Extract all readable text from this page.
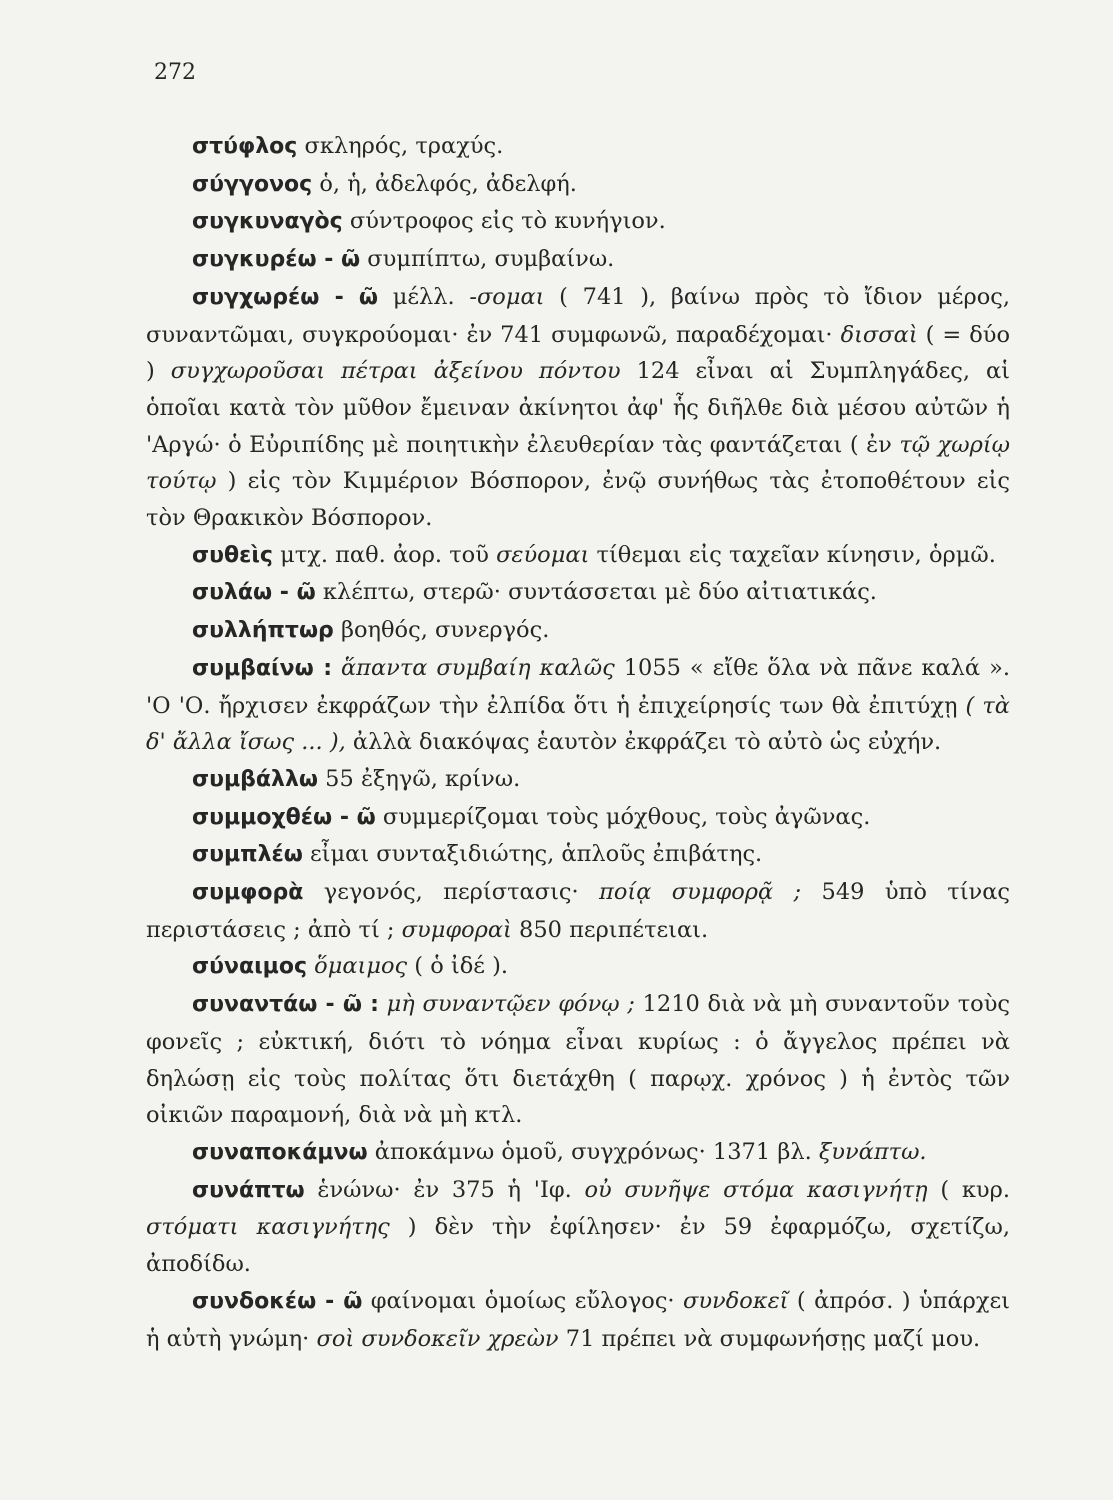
272
στύφλος σκληρός, τραχύς.
σύγγονος ὁ, ἡ, ἀδελφός, ἀδελφή.
συγκυναγὸς σύντροφος εἰς τὸ κυνήγιον.
συγκυρέω - ῶ συμπίπτω, συμβαίνω.
συγχωρέω - ῶ μέλλ. -σομαι ( 741 ), βαίνω πρὸς τὸ ἴδιον μέρος, συναντῶμαι, συγκρούομαι· ἐν 741 συμφωνῶ, παραδέχομαι· δισσαὶ ( = δύο ) συγχωροῦσαι πέτραι ἀξείνου πόντου 124 εἶναι αἱ Συμπληγάδες, αἱ ὁποῖαι κατὰ τὸν μῦθον ἔμειναν ἀκίνητοι ἀφ' ἧς διῆλθε διὰ μέσου αὐτῶν ἡ 'Αργώ· ὁ Εὐριπίδης μὲ ποιητικὴν ἐλευθερίαν τὰς φαντάζεται ( ἐν τῷ χωρίῳ τούτῳ ) εἰς τὸν Κιμμέριον Βόσπορον, ἐνῷ συνήθως τὰς ἐτοποθέτουν εἰς τὸν Θρακικὸν Βόσπορον.
συθεὶς μτχ. παθ. ἀορ. τοῦ σεύομαι τίθεμαι εἰς ταχεῖαν κίνησιν, ὁρμῶ.
συλάω - ῶ κλέπτω, στερῶ· συντάσσεται μὲ δύο αἰτιατικάς.
συλλήπτωρ βοηθός, συνεργός.
συμβαίνω : ἅπαντα συμβαίη καλῶς 1055 « εἴθε ὅλα νὰ πᾶνε καλά ». 'Ο 'Ο. ἤρχισεν ἐκφράζων τὴν ἐλπίδα ὅτι ἡ ἐπιχείρησίς των θὰ ἐπιτύχῃ ( τὰ δ' ἄλλα ἴσως ... ), ἀλλὰ διακόψας ἑαυτὸν ἐκφράζει τὸ αὐτὸ ὡς εὐχήν.
συμβάλλω 55 ἐξηγῶ, κρίνω.
συμμοχθέω - ῶ συμμερίζομαι τοὺς μόχθους, τοὺς ἀγῶνας.
συμπλέω εἶμαι συνταξιδιώτης, ἁπλοῦς ἐπιβάτης.
συμφορὰ γεγονός, περίστασις· ποίᾳ συμφορᾷ ; 549 ὑπὸ τίνας περιστάσεις ; ἀπὸ τί ; συμφοραὶ 850 περιπέτειαι.
σύναιμος ὅμαιμος ( ὁ ἰδέ ).
συναντάω - ῶ : μὴ συναντῷεν φόνῳ ; 1210 διὰ νὰ μὴ συναντοῦν τοὺς φονεῖς ; εὐκτική, διότι τὸ νόημα εἶναι κυρίως : ὁ ἄγγελος πρέπει νὰ δηλώσῃ εἰς τοὺς πολίτας ὅτι διετάχθη ( παρῳχ. χρόνος ) ἡ ἐντὸς τῶν οἰκιῶν παραμονή, διὰ νὰ μὴ κτλ.
συναποκάμνω ἀποκάμνω ὁμοῦ, συγχρόνως· 1371 βλ. ξυνάπτω.
συνάπτω ἑνώνω· ἐν 375 ἡ 'Ιφ. οὐ συνῆψε στόμα κασιγνήτῃ ( κυρ. στόματι κασιγνήτης ) δὲν τὴν ἐφίλησεν· ἐν 59 ἐφαρμόζω, σχετίζω, ἀποδίδω.
συνδοκέω - ῶ φαίνομαι ὁμοίως εὔλογος· συνδοκεῖ ( ἀπρόσ. ) ὑπάρχει ἡ αὐτὴ γνώμη· σοὶ συνδοκεῖν χρεὼν 71 πρέπει νὰ συμφωνήσῃς μαζί μου.
